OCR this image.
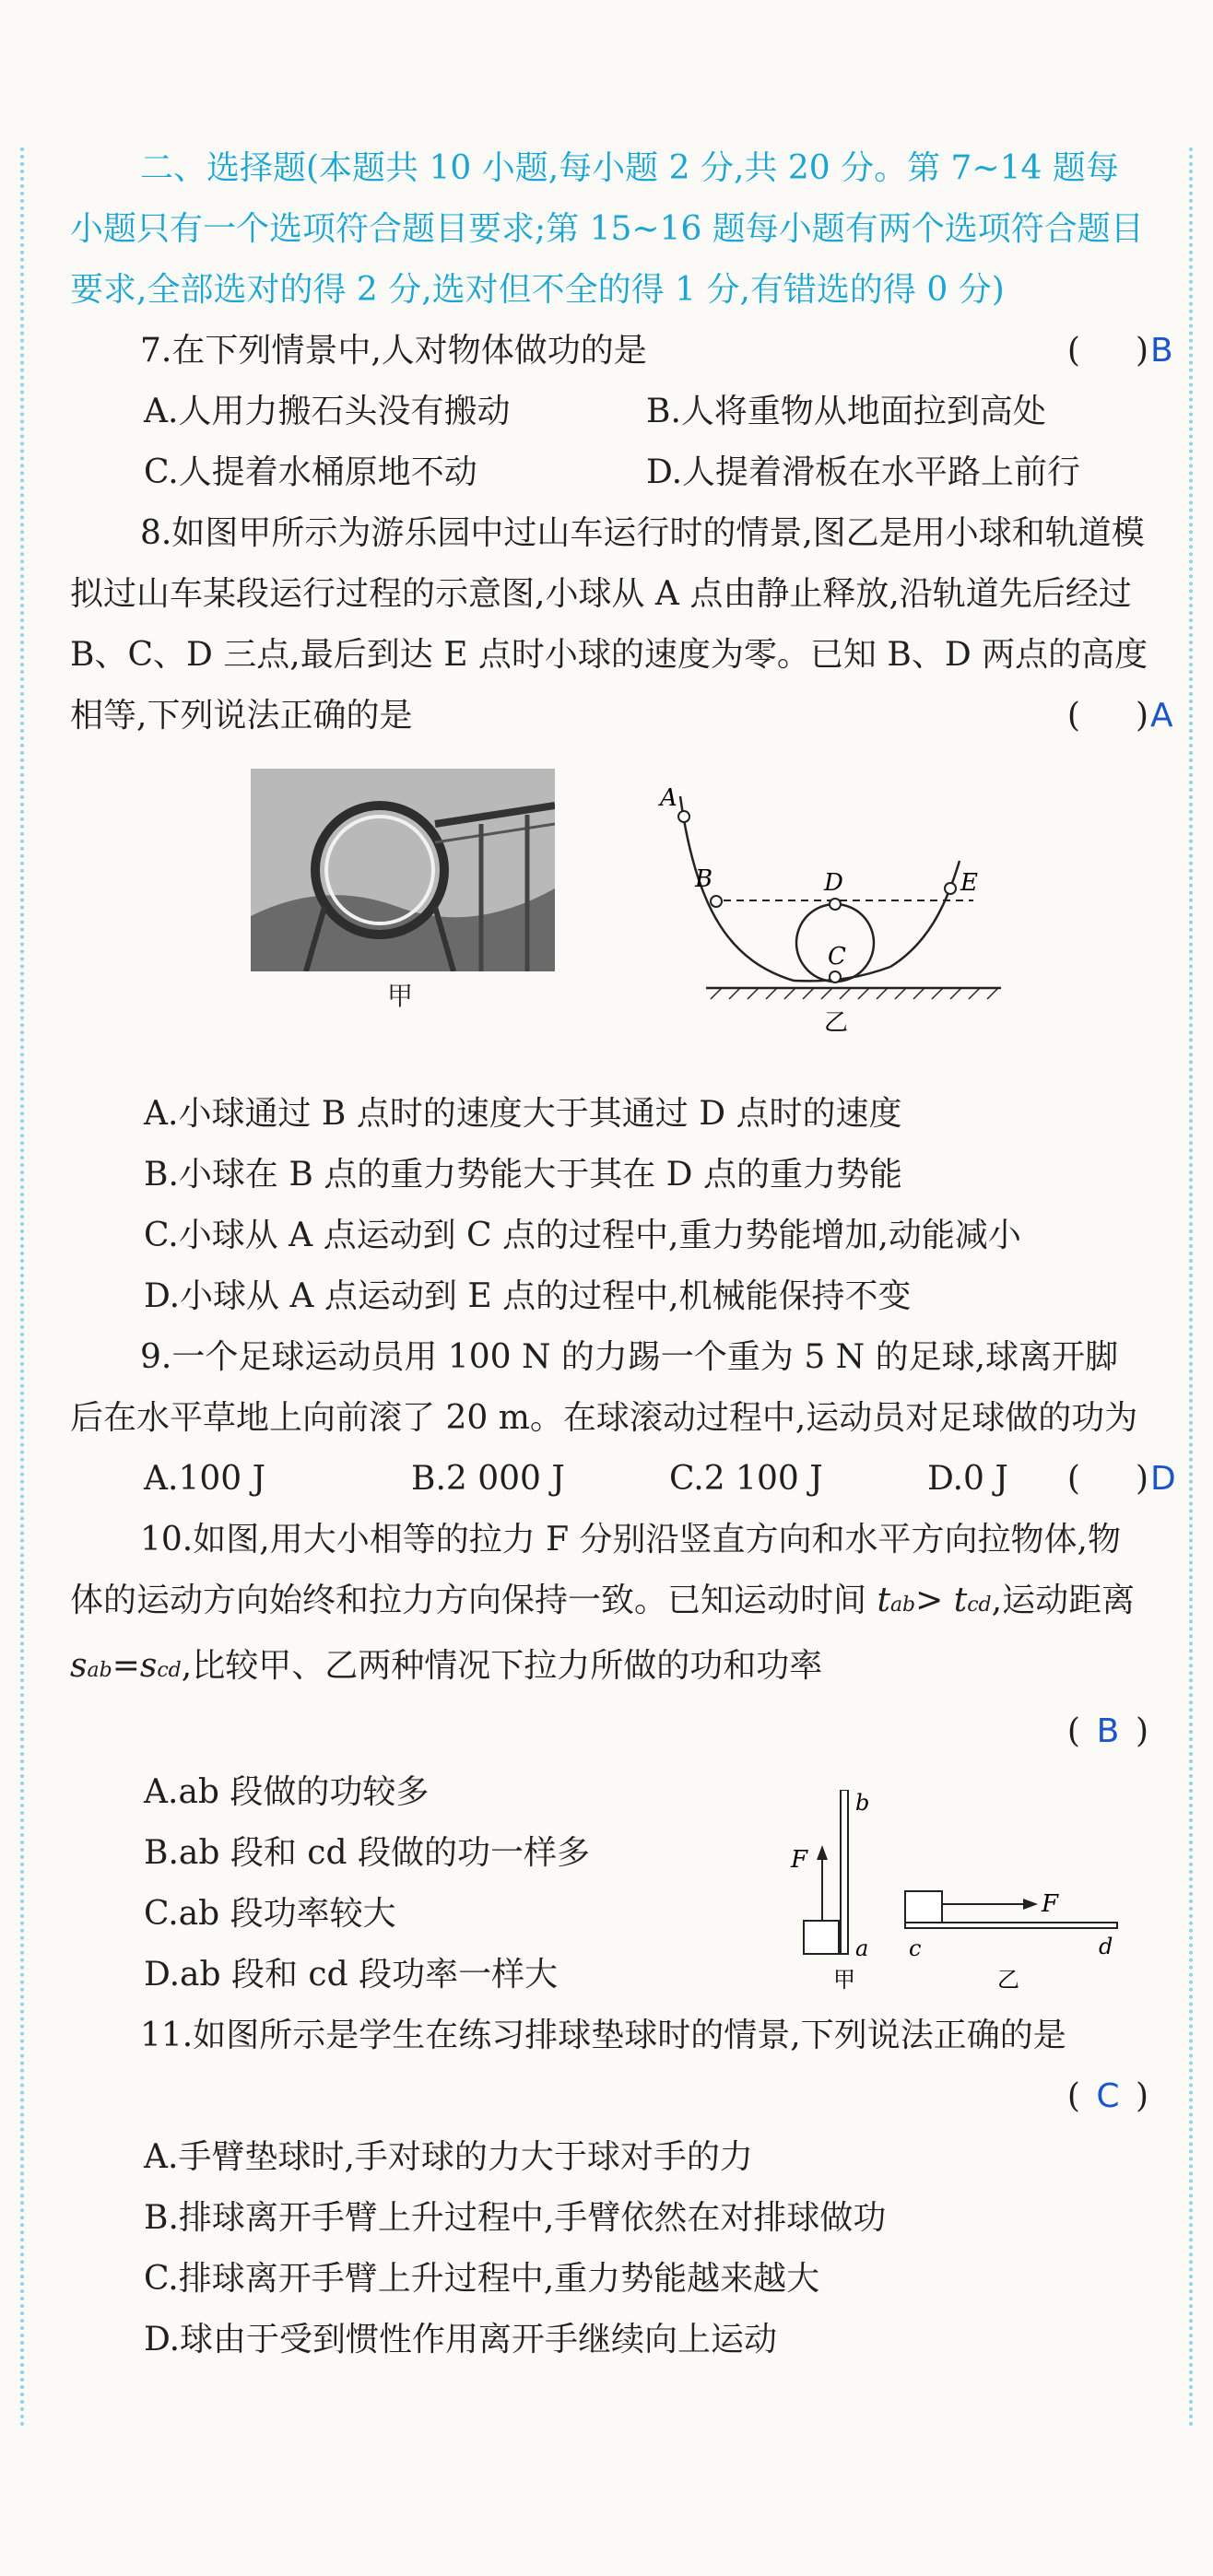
二、选择题(本题共 10 小题,每小题 2 分,共 20 分。第 7~14 题每小题只有一个选项符合题目要求;第 15~16 题每小题有两个选项符合题目要求,全部选对的得 2 分,选对但不全的得 1 分,有错选的得 0 分)
7.在下列情景中,人对物体做功的是	( B)
A.人用力搬石头没有搬动	B.人将重物从地面拉到高处
C.人提着水桶原地不动	D.人提着滑板在水平路上前行
8.如图甲所示为游乐园中过山车运行时的情景,图乙是用小球和轨道模拟过山车某段运行过程的示意图,小球从 A 点由静止释放,沿轨道先后经过 B、C、D 三点,最后到达 E 点时小球的速度为零。已知 B、D 两点的高度相等,下列说法正确的是	( A)
甲
A
B	D
C
E
乙
A.小球通过 B 点时的速度大于其通过 D 点时的速度
B.小球在 B 点的重力势能大于其在 D 点的重力势能
C.小球从 A 点运动到 C 点的过程中,重力势能增加,动能减小
D.小球从 A 点运动到 E 点的过程中,机械能保持不变
9.一个足球运动员用 100 N 的力踢一个重为 5 N 的足球,球离开脚后在水平草地上向前滚了 20 m。在球滚动过程中,运动员对足球做的功为
( D)
A.100 J	B.2 000 J	C.2 100 J	D.0 J
10.如图,用大小相等的拉力 F 分别沿竖直方向和水平方向拉物体,物体的运动方向始终和拉力方向保持一致。已知运动时间 tab> tcd,运动距离 sab=scd,比较甲、乙两种情况下拉力所做的功和功率
( B )
A.ab 段做的功较多
B.ab 段和 cd 段做的功一样多
C.ab 段功率较大
D.ab 段和 cd 段功率一样大
F
b
a
甲
F
c	d
乙
11.如图所示是学生在练习排球垫球时的情景,下列说法正确的是
( C )
A.手臂垫球时,手对球的力大于球对手的力
B.排球离开手臂上升过程中,手臂依然在对排球做功
C.排球离开手臂上升过程中,重力势能越来越大
D.球由于受到惯性作用离开手继续向上运动
